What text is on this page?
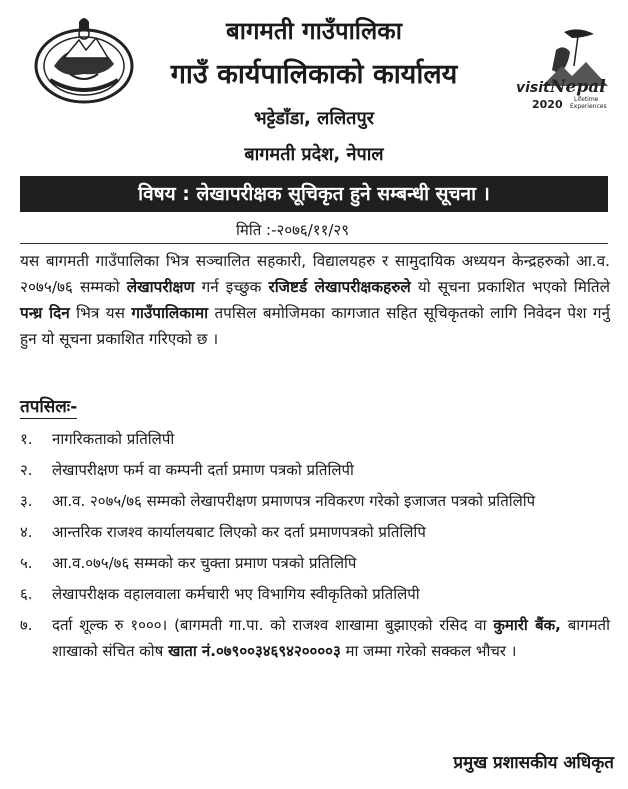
बागमती गाउँपालिका
गाउँ कार्यपालिकाको कार्यालय
भट्टेडाँडा, ललितपुर
बागमती प्रदेश, नेपाल
visit Nepal
2020 Lifetime
Experiences
विषय : लेखापरीक्षक सूचिकृत हुने सम्बन्धी सूचना ।
मिति :-२०७६/११/२९
यस बागमती गाउँपालिका भित्र सञ्चालित सहकारी, विद्यालयहरु र सामुदायिक अध्ययन केन्द्रहरुको आ.व. २०७५/७६ सम्मको लेखापरीक्षण गर्न इच्छुक रजिष्टर्ड लेखापरीक्षकहरुले यो सूचना प्रकाशित भएको मितिले पन्ध्र दिन भित्र यस गाउँपालिकामा तपसिल बमोजिमका कागजात सहित सूचिकृतको लागि निवेदन पेश गर्नु हुन यो सूचना प्रकाशित गरिएको छ ।
तपसिलः-
१. नागरिकताको प्रतिलिपी
२. लेखापरीक्षण फर्म वा कम्पनी दर्ता प्रमाण पत्रको प्रतिलिपी
३. आ.व. २०७५/७६ सम्मको लेखापरीक्षण प्रमाणपत्र नविकरण गरेको इजाजत पत्रको प्रतिलिपि
४. आन्तरिक राजश्व कार्यालयबाट लिएको कर दर्ता प्रमाणपत्रको प्रतिलिपि
५. आ.व.०७५/७६ सम्मको कर चुक्ता प्रमाण पत्रको प्रतिलिपि
६. लेखापरीक्षक वहालवाला कर्मचारी भए विभागिय स्वीकृतिको प्रतिलिपी
७. दर्ता शूल्क रु १०००। (बागमती गा.पा. को राजश्व शाखामा बुझाएको रसिद वा कुमारी बैंक, बागमती शाखाको संचित कोष खाता नं.०७९००३४६९४२००००३ मा जम्मा गरेको सक्कल भौचर ।
प्रमुख प्रशासकीय अधिकृत
